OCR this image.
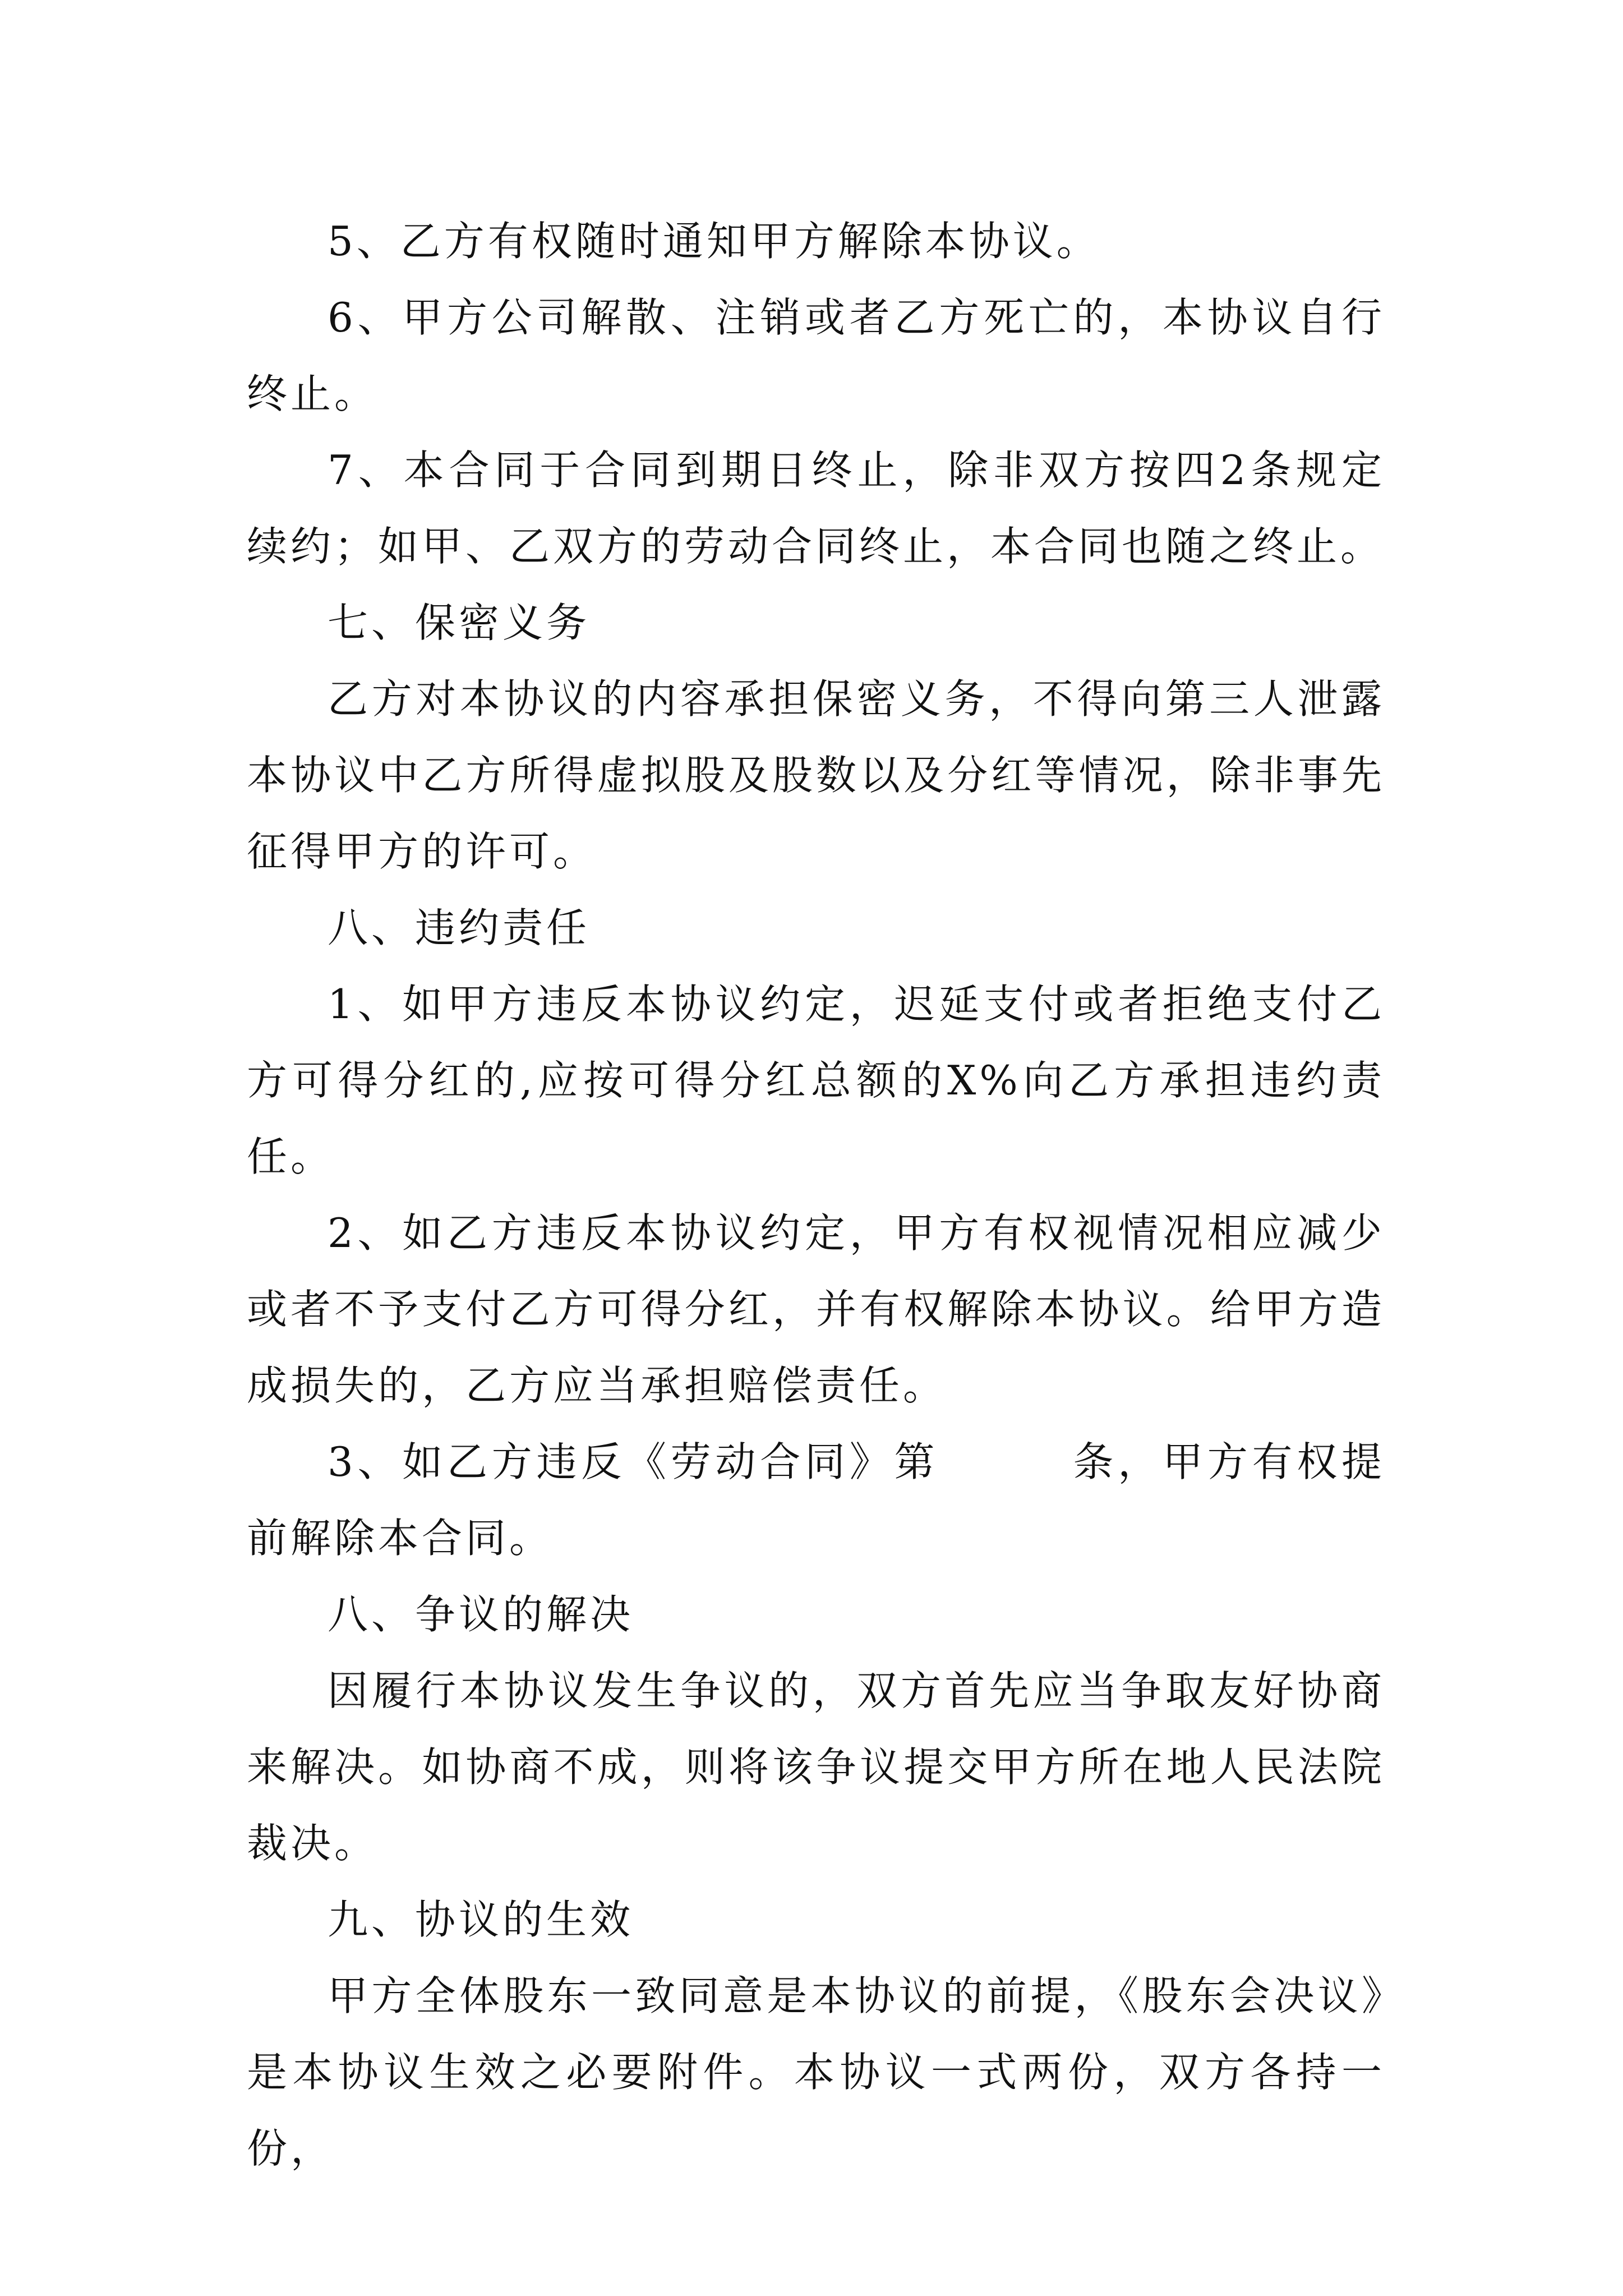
5、乙方有权随时通知甲方解除本协议。

6、甲方公司解散、注销或者乙方死亡的，本协议自行终止。

7、本合同于合同到期日终止，除非双方按四2条规定续约；如甲、乙双方的劳动合同终止，本合同也随之终止。

七、保密义务

乙方对本协议的内容承担保密义务，不得向第三人泄露本协议中乙方所得虚拟股及股数以及分红等情况，除非事先征得甲方的许可。

八、违约责任

1、如甲方违反本协议约定，迟延支付或者拒绝支付乙方可得分红的,应按可得分红总额的X%向乙方承担违约责任。

2、如乙方违反本协议约定，甲方有权视情况相应减少或者不予支付乙方可得分红，并有权解除本协议。给甲方造成损失的，乙方应当承担赔偿责任。

3、如乙方违反《劳动合同》第　　　条，甲方有权提前解除本合同。

八、争议的解决

因履行本协议发生争议的，双方首先应当争取友好协商来解决。如协商不成，则将该争议提交甲方所在地人民法院裁决。

九、协议的生效

甲方全体股东一致同意是本协议的前提，《股东会决议》是本协议生效之必要附件。本协议一式两份，双方各持一份，
